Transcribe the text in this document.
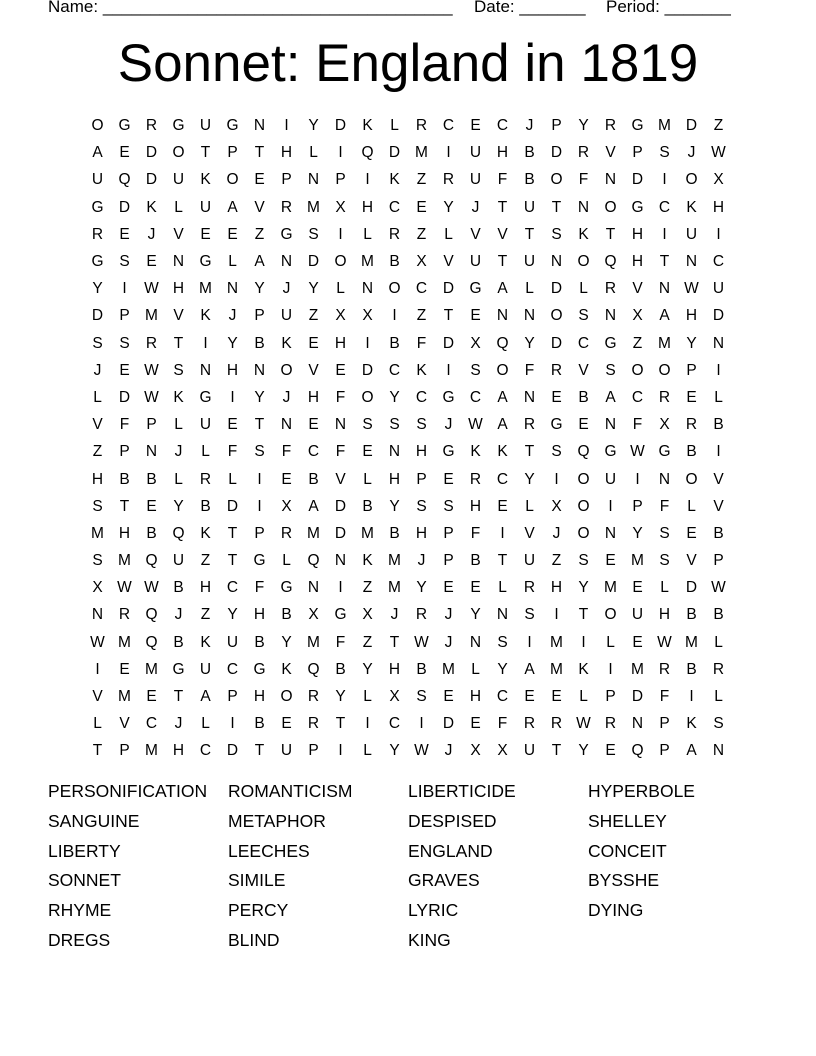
Name: _____________________________________ Date: _______ Period: _______
Sonnet: England in 1819
O G R G U G N	I	Y	D	K	L	R	C	E	C	J	P	Y	R G M D	Z
A	E	D O	T	P	T	H	L	I	Q D M	I	U	H	B	D	R	V	P	S	J	W
U Q D	U	K	O	E	P	N	P	I	K	Z	R	U	F	B	O	F	N	D	I	O	X
G D	K	L	U	A	V	R M X	H	C	E	Y	J	T	U	T	N O G C	K	H
R	E	J	V	E	E	Z	G	S	I	L	R	Z	L	V	V	T	S	K	T	H	I	U	I
G	S	E	N G	L	A	N	D O M B	X	V	U	T	U	N O Q H	T	N	C
Y	I	W H M N	Y	J	Y	L	N O C	D G	A	L	D	L	R	V	N W U
D	P M V	K	J	P	U	Z	X	X	I	Z	T	E	N	N O	S	N	X	A	H	D
S	S	R	T	I	Y	B	K	E	H	I	B	F	D	X	Q	Y	D	C G	Z	M Y	N
J	E W S	N	H	N O	V	E	D	C	K	I	S	O	F	R	V	S	O O	P	I
L	D W K	G	I	Y	J	H	F	O	Y	C G C	A	N	E	B	A	C	R	E	L
V	F	P	L	U	E	T	N	E	N	S	S	S	J	W A	R G	E	N	F	X	R	B
Z	P	N	J	L	F	S	F	C	F	E	N	H G	K	K	T	S	Q G W G	B	I
H	B	B	L	R	L	I	E	B	V	L	H	P	E	R	C	Y	I	O U	I	N O	V
S	T	E	Y	B	D	I	X	A	D	B	Y	S	S	H	E	L	X	O	I	P	F	L	V
M H	B	Q	K	T	P	R M D M B	H	P	F	I	V	J	O N	Y	S	E	B
S M Q U	Z	T	G	L	Q N	K M	J	P	B	T	U	Z	S	E M S	V	P
X W W B	H	C	F	G N	I	Z	M Y	E	E	L	R	H	Y M E	L	D W
N	R Q	J	Z	Y	H	B	X	G	X	J	R	J	Y	N	S	I	T	O U	H	B	B
W M Q	B	K	U	B	Y M	F	Z	T W	J	N	S	I	M	I	L	E W M	L
I	E M G U	C G	K	Q	B	Y	H	B M	L	Y	A M K	I	M R	B	R
V M E	T	A	P	H O R	Y	L	X	S	E	H	C	E	E	L	P	D	F	I	L
L	V	C	J	L	I	B	E	R	T	I	C	I	D	E	F	R	R W R	N	P	K	S
T	P M H	C	D	T	U	P	I	L	Y W	J	X	X	U	T	Y	E	Q	P	A	N
PERSONIFICATION	ROMANTICISM	LIBERTICIDE	HYPERBOLE
SANGUINE	METAPHOR	DESPISED	SHELLEY
LIBERTY	LEECHES	ENGLAND	CONCEIT
SONNET	SIMILE	GRAVES	BYSSHE
RHYME	PERCY	LYRIC	DYING
DREGS	BLIND	KING
